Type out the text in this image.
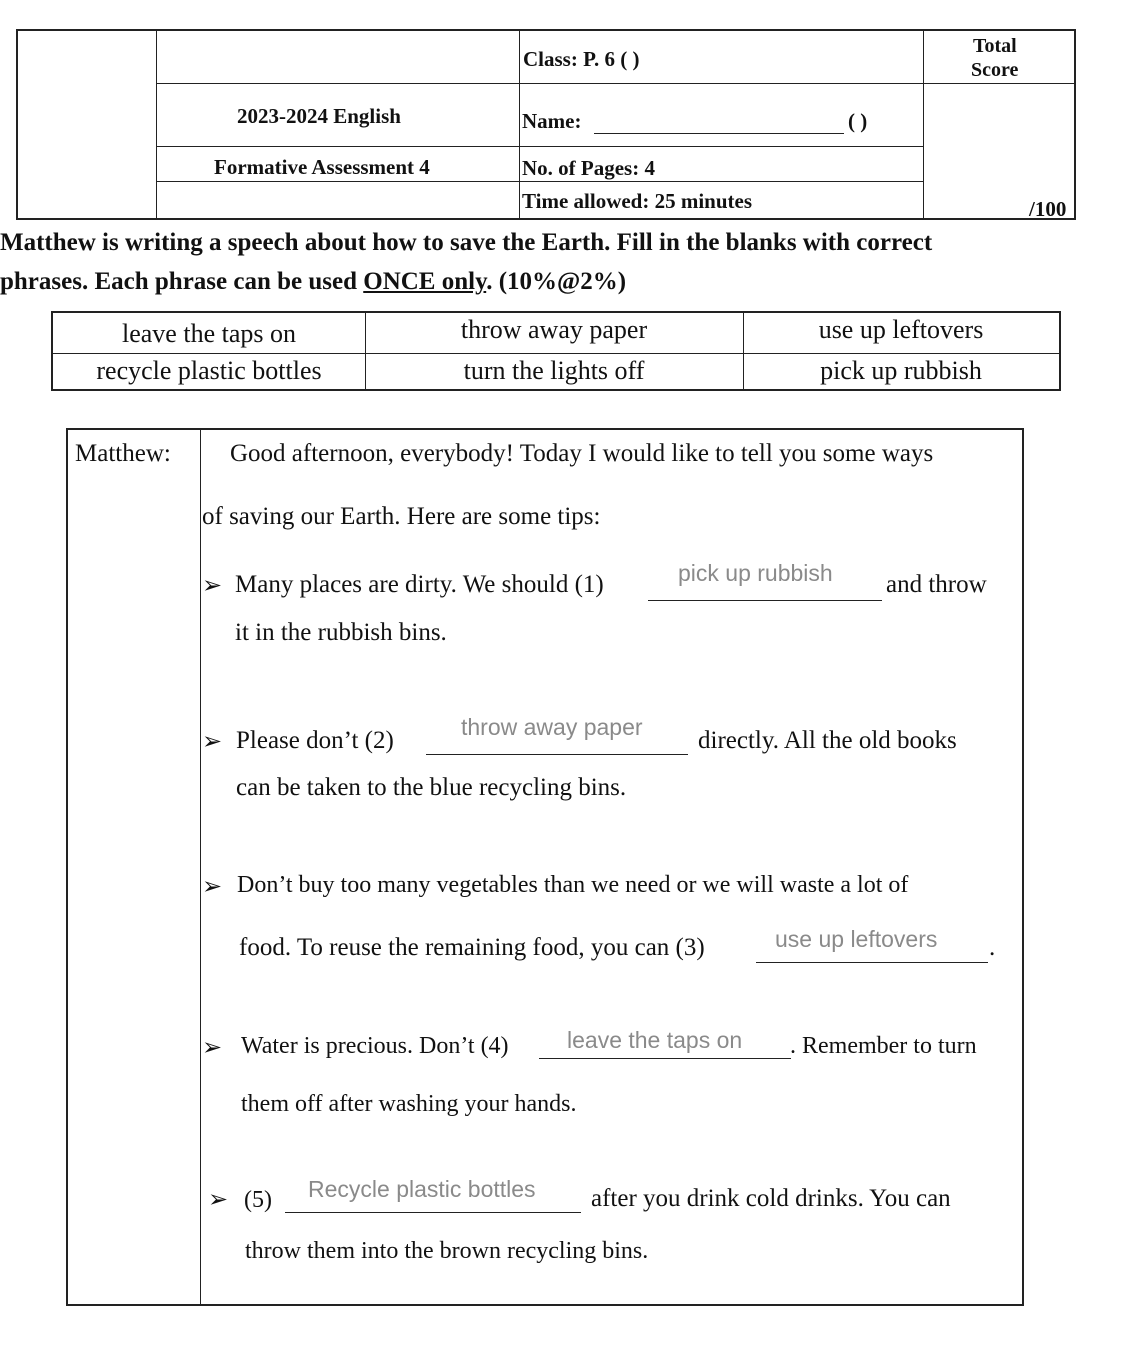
Class: P. 6 ( )
Total
Score
2023-2024 English	Name:	( )
Formative Assessment 4	No. of Pages: 4
Time allowed: 25 minutes	/100
Matthew is writing a speech about how to save the Earth. Fill in the blanks with correct
phrases. Each phrase can be used ONCE only. (10%@2%)
leave the taps on	throw away paper	use up leftovers
recycle plastic bottles	turn the lights off	pick up rubbish
Matthew: Good afternoon, everybody! Today I would like to tell you some ways
of saving our Earth. Here are some tips:
➢ Many places are dirty. We should (1)	pick up rubbish and throw
it in the rubbish bins.
➢ Please don’t (2)	throw away paper directly. All the old books
can be taken to the blue recycling bins.
➢ Don’t buy too many vegetables than we need or we will waste a lot of
food. To reuse the remaining food, you can (3)	use up leftovers .
➢ Water is precious. Don’t (4)	leave the taps on . Remember to turn
them off after washing your hands.
➢ (5) Recycle plastic bottles after you drink cold drinks. You can
throw them into the brown recycling bins.
